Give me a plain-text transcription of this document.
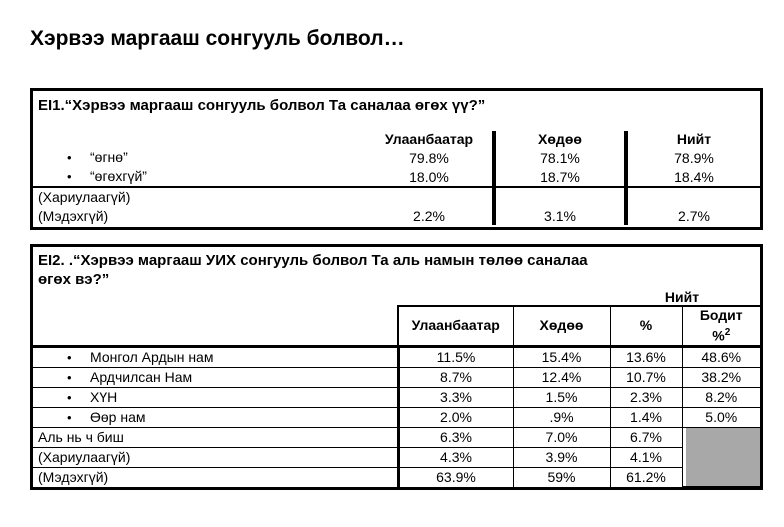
Хэрвээ маргааш сонгууль болвол…
EI1.“Хэрвээ маргааш сонгууль болвол Та саналаа өгөх үү?”
	Улаанбаатар	Хөдөө	Нийт
• “өгнө”	79.8%	78.1%	78.9%
• “өгөхгүй”	18.0%	18.7%	18.4%
(Хариулаагүй)			
(Мэдэхгүй)	2.2%	3.1%	2.7%
EI2. .“Хэрвээ маргааш УИХ сонгууль болвол Та аль намын төлөө саналаа
өгөх вэ?”
Нийт
	Улаанбаатар	Хөдөө	%	Бодит
%$^2$
• Монгол Ардын нам	11.5%	15.4%	13.6%	48.6%
• Ардчилсан Нам	8.7%	12.4%	10.7%	38.2%
• ХҮН	3.3%	1.5%	2.3%	8.2%
• Өөр нам	2.0%	.9%	1.4%	5.0%
Аль нь ч биш	6.3%	7.0%	6.7%	
(Хариулаагүй)	4.3%	3.9%	4.1%	
(Мэдэхгүй)	63.9%	59%	61.2%	
